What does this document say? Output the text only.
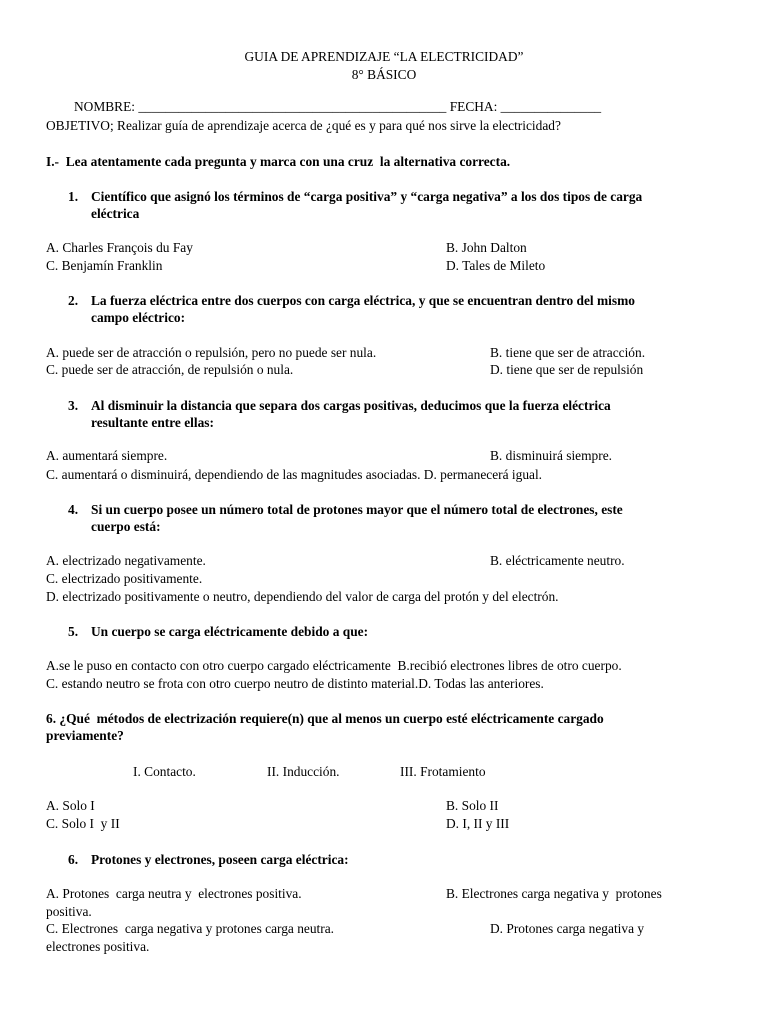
GUIA DE APRENDIZAJE “LA ELECTRICIDAD”
8° BÁSICO
NOMBRE: ______________________________________________ FECHA: _______________
OBJETIVO; Realizar guía de aprendizaje acerca de ¿qué es y para qué nos sirve la electricidad?
I.-  Lea atentamente cada pregunta y marca con una cruz  la alternativa correcta.
1. Científico que asignó los términos de “carga positiva” y “carga negativa” a los dos tipos de carga
eléctrica
A. Charles François du Fay	B. John Dalton
C. Benjamín Franklin	D. Tales de Mileto
2. La fuerza eléctrica entre dos cuerpos con carga eléctrica, y que se encuentran dentro del mismo
campo eléctrico:
A. puede ser de atracción o repulsión, pero no puede ser nula.	B. tiene que ser de atracción.
C. puede ser de atracción, de repulsión o nula.	D. tiene que ser de repulsión
3. Al disminuir la distancia que separa dos cargas positivas, deducimos que la fuerza eléctrica
resultante entre ellas:
A. aumentará siempre.	B. disminuirá siempre.
C. aumentará o disminuirá, dependiendo de las magnitudes asociadas. D. permanecerá igual.
4. Si un cuerpo posee un número total de protones mayor que el número total de electrones, este
cuerpo está:
A. electrizado negativamente.	B. eléctricamente neutro.
C. electrizado positivamente.
D. electrizado positivamente o neutro, dependiendo del valor de carga del protón y del electrón.
5. Un cuerpo se carga eléctricamente debido a que:
A.se le puso en contacto con otro cuerpo cargado eléctricamente  B.recibió electrones libres de otro cuerpo.
C. estando neutro se frota con otro cuerpo neutro de distinto material.D. Todas las anteriores.
6. ¿Qué  métodos de electrización requiere(n) que al menos un cuerpo esté eléctricamente cargado
previamente?
I. Contacto.	II. Inducción.	III. Frotamiento
A. Solo I	B. Solo II
C. Solo I  y II	D. I, II y III
6. Protones y electrones, poseen carga eléctrica:
A. Protones  carga neutra y  electrones positiva.	B. Electrones carga negativa y  protones
positiva.
C. Electrones  carga negativa y protones carga neutra.	D. Protones carga negativa y
electrones positiva.
